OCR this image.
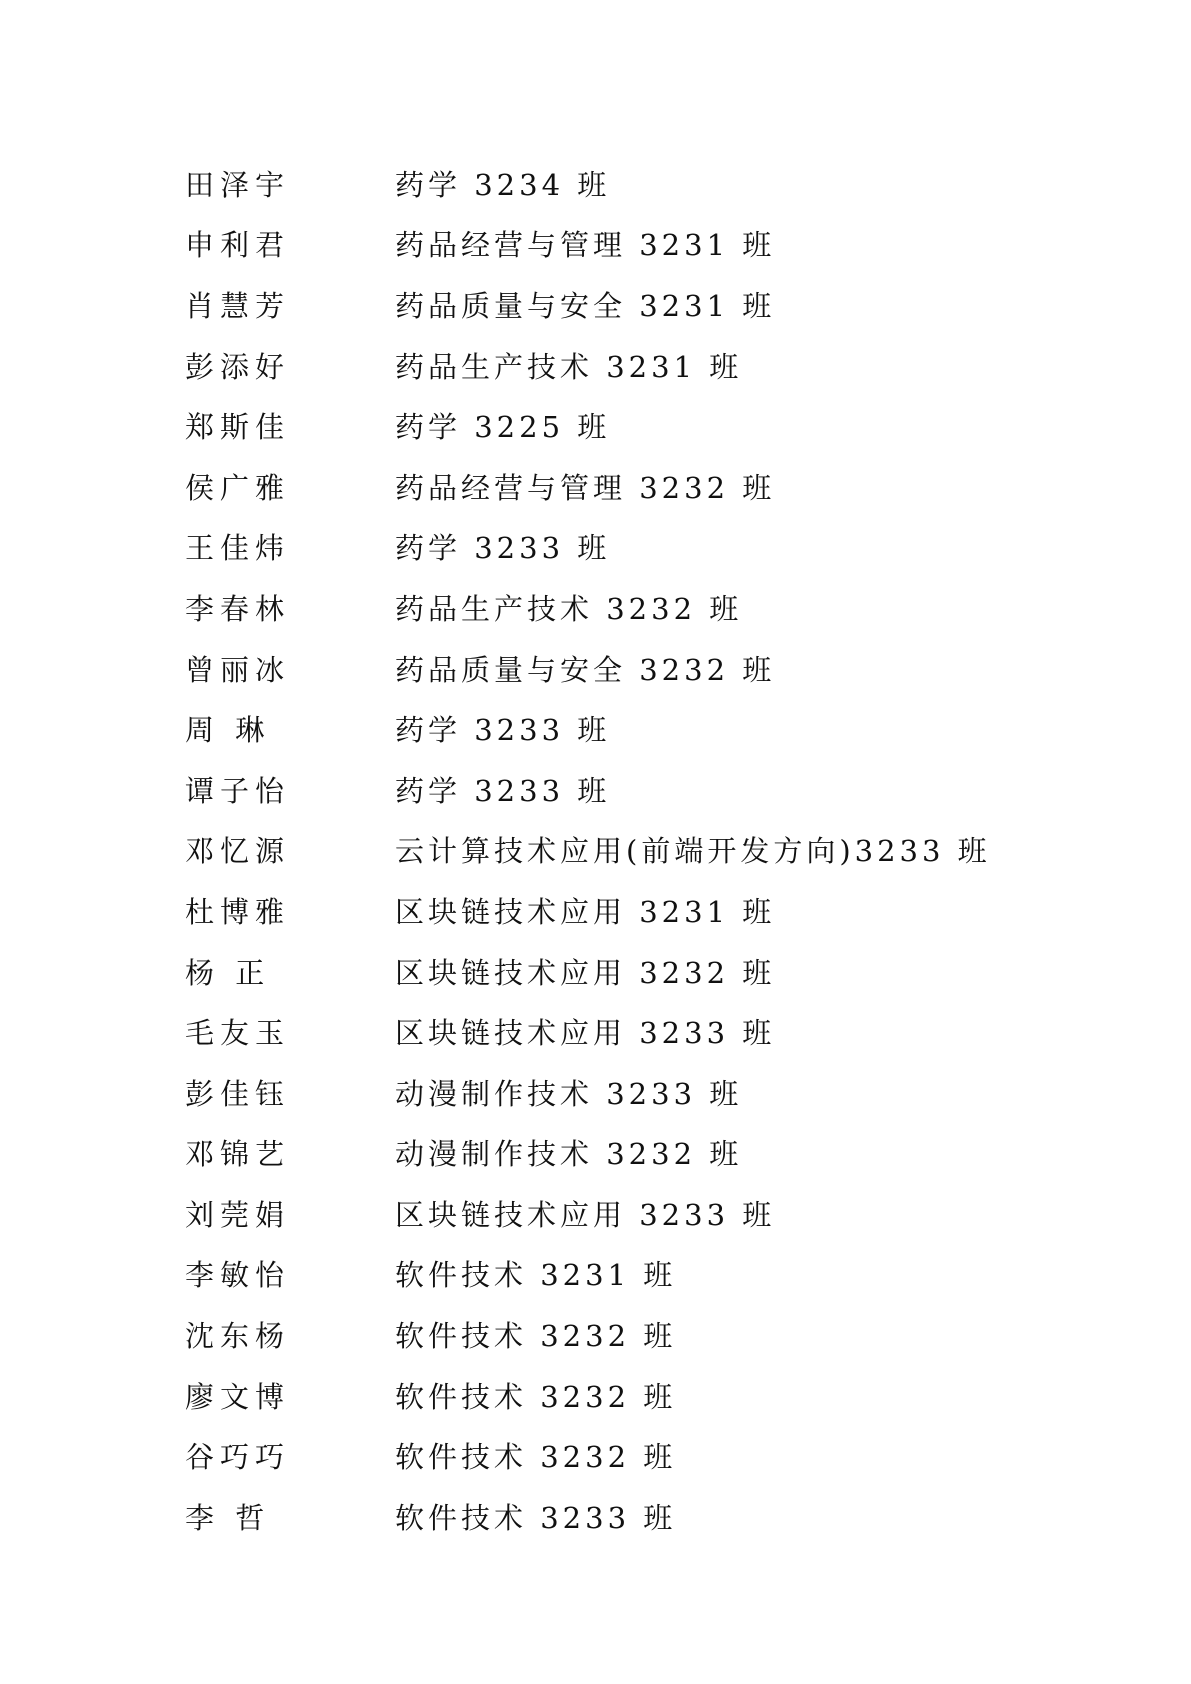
田泽宇	药学 3234 班
申利君	药品经营与管理 3231 班
肖慧芳	药品质量与安全 3231 班
彭添好	药品生产技术 3231 班
郑斯佳	药学 3225 班
侯广雅	药品经营与管理 3232 班
王佳炜	药学 3233 班
李春林	药品生产技术 3232 班
曾丽冰	药品质量与安全 3232 班
周 琳	药学 3233 班
谭子怡	药学 3233 班
邓忆源	云计算技术应用(前端开发方向)3233 班
杜博雅	区块链技术应用 3231 班
杨 正	区块链技术应用 3232 班
毛友玉	区块链技术应用 3233 班
彭佳钰	动漫制作技术 3233 班
邓锦艺	动漫制作技术 3232 班
刘莞娟	区块链技术应用 3233 班
李敏怡	软件技术 3231 班
沈东杨	软件技术 3232 班
廖文博	软件技术 3232 班
谷巧巧	软件技术 3232 班
李 哲	软件技术 3233 班
